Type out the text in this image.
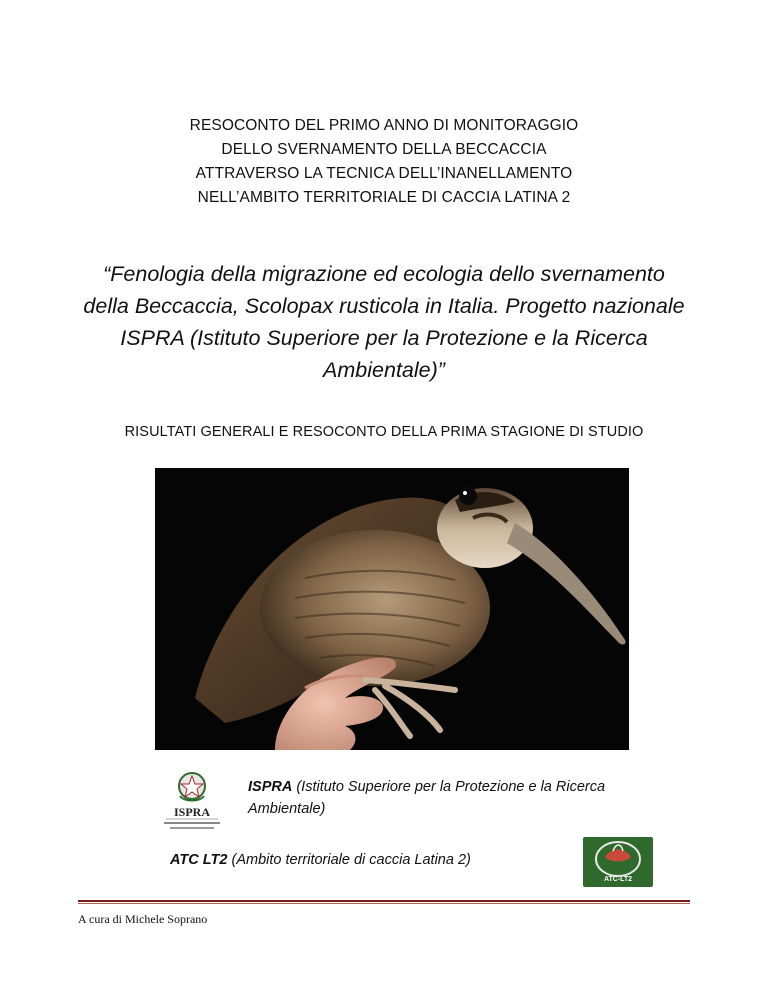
RESOCONTO DEL PRIMO ANNO DI MONITORAGGIO
DELLO SVERNAMENTO DELLA BECCACCIA
ATTRAVERSO LA TECNICA DELL’INANELLAMENTO
NELL’AMBITO TERRITORIALE DI CACCIA LATINA 2
“Fenologia della migrazione ed ecologia dello svernamento
della Beccaccia, Scolopax rusticola in Italia. Progetto nazionale
ISPRA (Istituto Superiore per la Protezione e la Ricerca
Ambientale)”
RISULTATI GENERALI E RESOCONTO DELLA PRIMA STAGIONE DI STUDIO
ISPRA
ISPRA (Istituto Superiore per la Protezione e la Ricerca
Ambientale)
ATC LT2 (Ambito territoriale di caccia Latina 2)
ATC-LT2
A cura di Michele Soprano
